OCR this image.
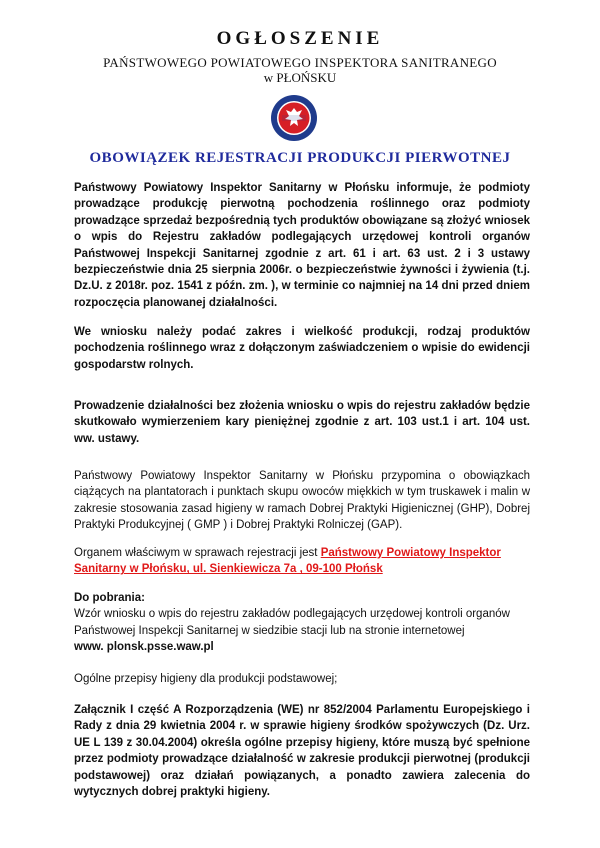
OGŁOSZENIE
PAŃSTWOWEGO POWIATOWEGO INSPEKTORA SANITRANEGO
w PŁOŃSKU
OBOWIĄZEK REJESTRACJI PRODUKCJI PIERWOTNEJ

Państwowy Powiatowy Inspektor Sanitarny w Płońsku informuje, że podmioty prowadzące produkcję pierwotną pochodzenia roślinnego oraz podmioty prowadzące sprzedaż bezpośrednią tych produktów obowiązane są złożyć wniosek o wpis do Rejestru zakładów podlegających urzędowej kontroli organów Państwowej Inspekcji Sanitarnej zgodnie z art. 61 i art. 63 ust. 2 i 3 ustawy bezpieczeństwie dnia 25 sierpnia 2006r. o bezpieczeństwie żywności i żywienia (t.j. Dz.U. z 2018r. poz. 1541 z późn. zm. ), w terminie co najmniej na 14 dni przed dniem rozpoczęcia planowanej działalności.

We wniosku należy podać zakres i wielkość produkcji, rodzaj produktów pochodzenia roślinnego wraz z dołączonym zaświadczeniem o wpisie do ewidencji gospodarstw rolnych.

Prowadzenie działalności bez złożenia wniosku o wpis do rejestru zakładów będzie skutkowało wymierzeniem kary pieniężnej zgodnie z art. 103 ust.1 i art. 104 ust. ww. ustawy.

Państwowy Powiatowy Inspektor Sanitarny w Płońsku przypomina o obowiązkach ciążących na plantatorach i punktach skupu owoców miękkich w tym truskawek i malin w zakresie stosowania zasad higieny w ramach Dobrej Praktyki Higienicznej (GHP), Dobrej Praktyki Produkcyjnej ( GMP ) i Dobrej Praktyki Rolniczej (GAP).

Organem właściwym w sprawach rejestracji jest Państwowy Powiatowy Inspektor Sanitarny w Płońsku, ul. Sienkiewicza 7a , 09-100 Płońsk

Do pobrania:

Wzór wniosku o wpis do rejestru zakładów podlegających urzędowej kontroli organów

Państwowej Inspekcji Sanitarnej w siedzibie stacji lub na stronie internetowej

www. plonsk.psse.waw.pl

Ogólne przepisy higieny dla produkcji podstawowej;

Załącznik I część A Rozporządzenia (WE) nr 852/2004 Parlamentu Europejskiego i Rady z dnia 29 kwietnia 2004 r. w sprawie higieny środków spożywczych (Dz. Urz. UE L 139 z 30.04.2004) określa ogólne przepisy higieny, które muszą być spełnione przez podmioty prowadzące działalność w zakresie produkcji pierwotnej (produkcji podstawowej) oraz działań powiązanych, a ponadto zawiera zalecenia do wytycznych dobrej praktyki higieny.
